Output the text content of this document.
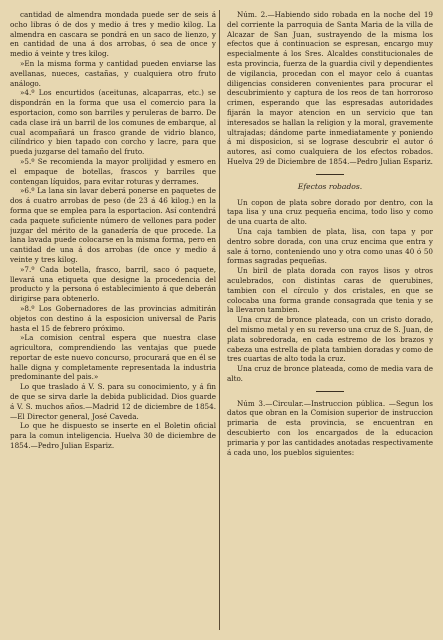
cantidad de almendra mondada puede ser de seis á ocho libras ó de dos y medio á tres y medio kilog. La almendra en cascara se pondrá en un saco de lienzo, y en cantidad de una á dos arrobas, ó sea de once y medio á veinte y tres kilog.

»En la misma forma y cantidad pueden enviarse las avellanas, nueces, castañas, y cualquiera otro fruto análogo.

»4.º Los encurtidos (aceitunas, alcaparras, etc.) se dispondrán en la forma que usa el comercio para la esportacion, como son barriles y peruleras de barro. De cada clase irá un barril de los comunes de embarque, al cual acompañará un frasco grande de vidrio blanco, cilíndrico y bien tapado con corcho y lacre, para que pueda juzgarse del tamaño del fruto.

»5.º Se recomienda la mayor prolijidad y esmero en el empaque de botellas, frascos y barriles que contengan líquidos, para evitar roturas y derrames.

»6.º La lana sin lavar deberá ponerse en paquetes de dos á cuatro arrobas de peso (de 23 á 46 kilog.) en la forma que se emplea para la esportacion. Así contendrá cada paquete suficiente número de vellones para poder juzgar del mérito de la ganadería de que procede. La lana lavada puede colocarse en la misma forma, pero en cantidad de una á dos arrobas (de once y medio á veinte y tres kilog.

»7.º Cada botella, frasco, barril, saco ó paquete, llevará una etiqueta que designe la procedencia del producto y la persona ó establecimiento á que deberán dirigirse para obtenerlo.

»8.º Los Gobernadores de las provincias admitirán objetos con destino á la esposicion universal de Paris hasta el 15 de febrero próximo.

»La comision central espera que nuestra clase agricultora, comprendiendo las ventajas que puede reportar de este nuevo concurso, procurará que en él se halle digna y completamente representada la industria predominante del pais.»

Lo que traslado á V. S. para su conocimiento, y á fin de que se sirva darle la debida publicidad. Dios guarde á V. S. muchos años.—Madrid 12 de diciembre de 1854.—El Director general, José Caveda.

Lo que he dispuesto se inserte en el Boletin oficial para la comun inteligencia. Huelva 30 de diciembre de 1854.—Pedro Julian Espariz.

Núm. 2.—Habiendo sido robada en la noche del 19 del corriente la parroquia de Santa Maria de la villa de Alcazar de San Juan, sustrayendo de la misma los efectos que á continuacion se espresan, encargo muy especialmente á los Sres. Alcaldes constitucionales de esta provincia, fuerza de la guardia civil y dependientes de vigilancia, procedan con el mayor celo á cuantas diligencias consideren convenientes para procurar el descubrimiento y captura de los reos de tan horroroso crimen, esperando que las espresadas autoridades fijarán la mayor atencion en un servicio que tan interesados se hallan la religion y la moral, gravemente ultrajadas; dándome parte inmediatamente y poniendo á mi disposicion, si se lograse descubrir el autor ó autores, así como cualquiera de los efectos robados. Huelva 29 de Diciembre de 1854.—Pedro Julian Espariz.

Efectos robados.

Un copon de plata sobre dorado por dentro, con la tapa lisa y una cruz pequeña encima, todo liso y como de una cuarta de alto.

Una caja tambien de plata, lisa, con tapa y por dentro sobre dorada, con una cruz encima que entra y sale á torno, conteniendo uno y otra como unas 40 ó 50 formas sagradas pequeñas.

Un biril de plata dorada con rayos lisos y otros aculebrados, con distintas caras de querubines, tambien con el círculo y dos cristales, en que se colocaba una forma grande consagrada que tenia y se la llevaron tambien.

Una cruz de bronce plateada, con un cristo dorado, del mismo metal y en su reverso una cruz de S. Juan, de plata sobredorada, en cada estremo de los brazos y cabeza una estrella de plata tambien doradas y como de tres cuartas de alto toda la cruz.

Una cruz de bronce plateada, como de media vara de alto.

Núm 3.—Circular.—Instruccion pública. —Segun los datos que obran en la Comision superior de instruccion primaria de esta provincia, se encuentran en descubierto con los encargados de la educacion primaria y por las cantidades anotadas respectivamente á cada uno, los pueblos siguientes:
